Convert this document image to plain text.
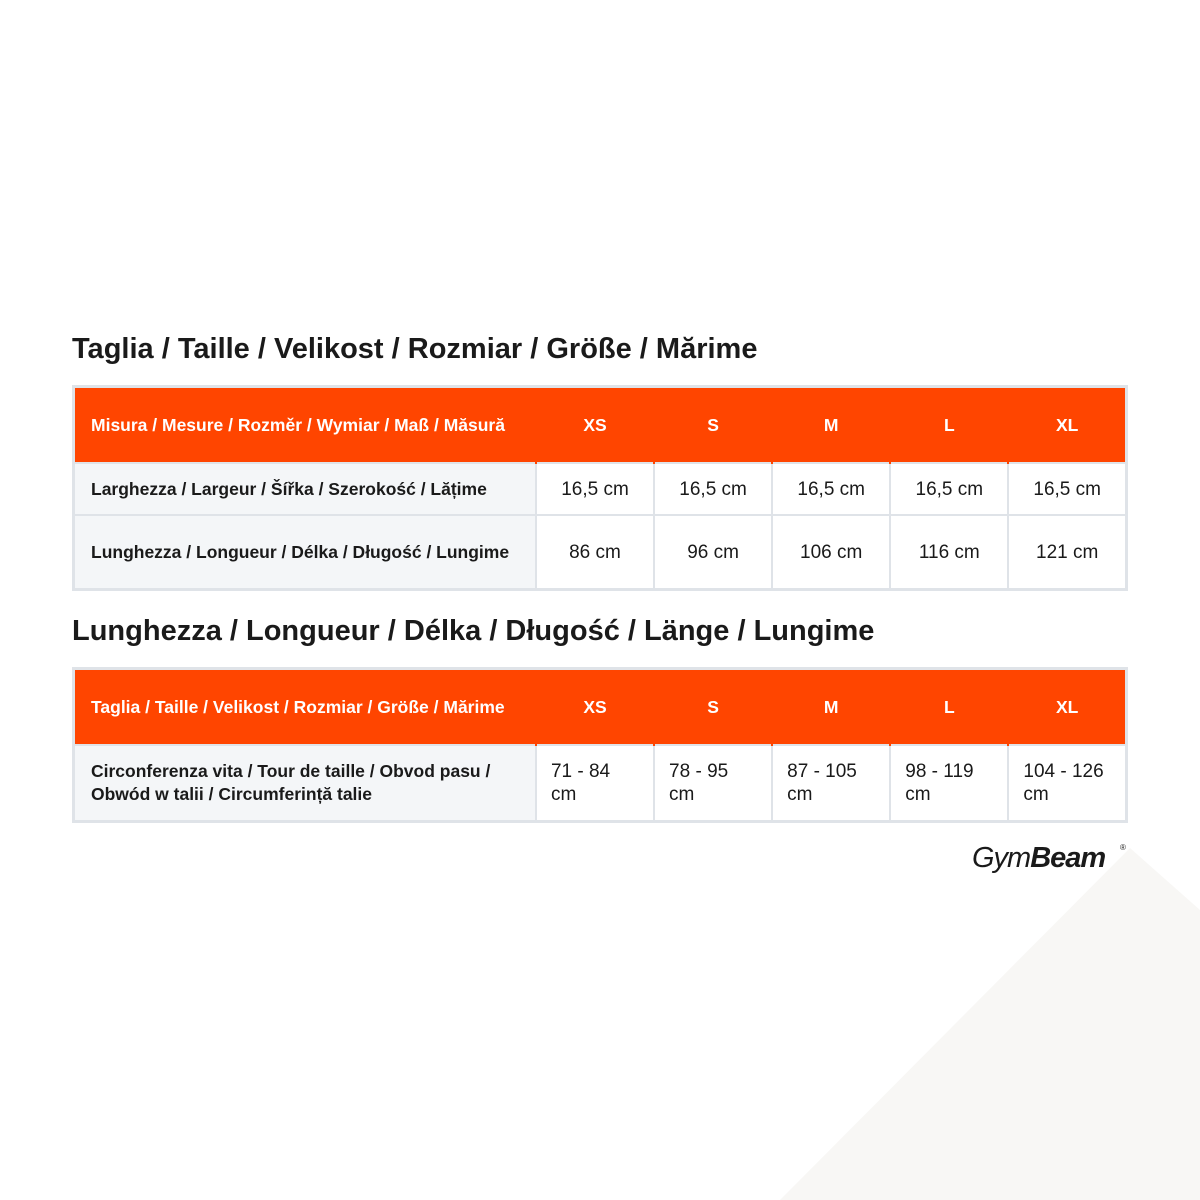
Taglia / Taille / Velikost / Rozmiar / Größe / Mărime
Misura / Mesure / Rozměr / Wymiar / Maß / Măsură	XS	S	M	L	XL
Larghezza / Largeur / Šířka / Szerokość / Lățime	16,5 cm	16,5 cm	16,5 cm	16,5 cm	16,5 cm
Lunghezza / Longueur / Délka / Długość / Lungime	86 cm	96 cm	106 cm	116 cm	121 cm
Lunghezza / Longueur / Délka / Długość / Länge / Lungime
Taglia / Taille / Velikost / Rozmiar / Größe / Mărime	XS	S	M	L	XL
Circonferenza vita / Tour de taille / Obvod pasu / Obwód w talii / Circumferință talie	71 - 84 cm	78 - 95 cm	87 - 105 cm	98 - 119 cm	104 - 126 cm
GymBeam ®
